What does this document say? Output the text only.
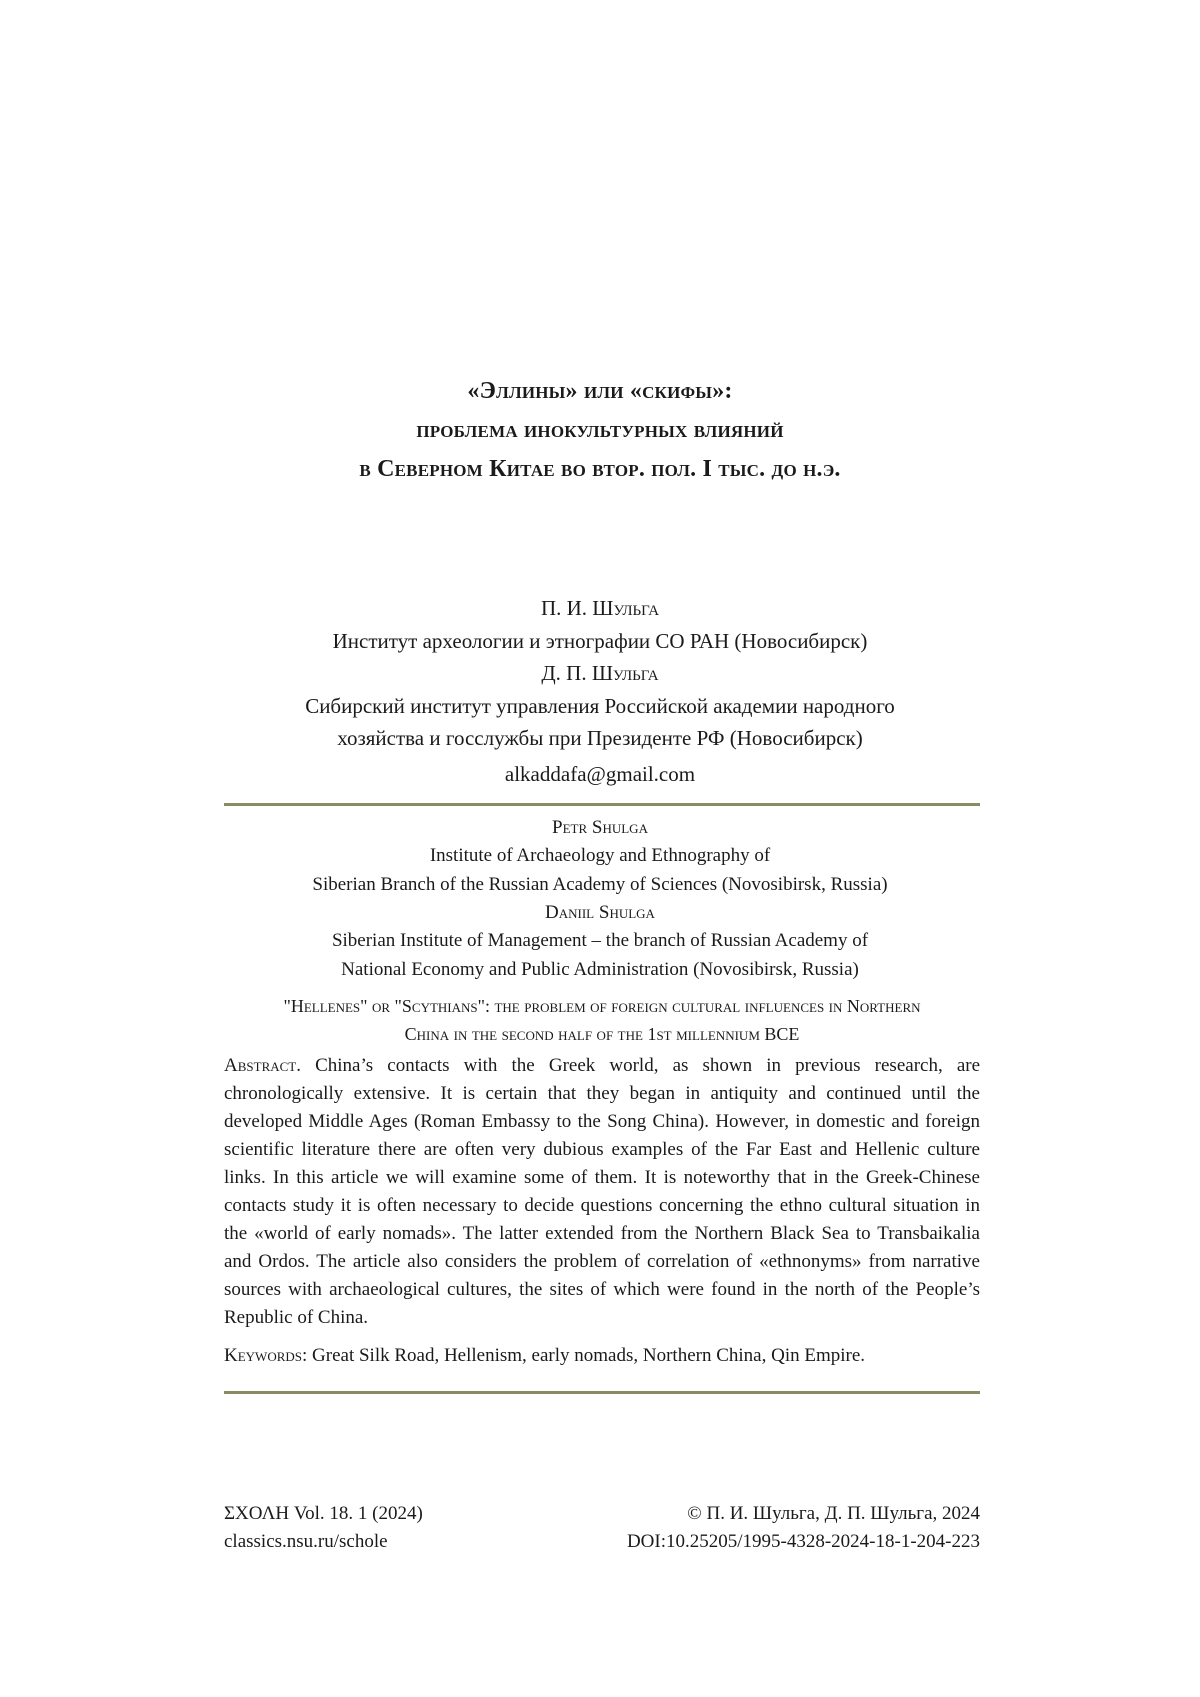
«Эллины» или «скифы»:
проблема инокультурных влияний
в Северном Китае во втор. пол. I тыс. до н.э.
П. И. Шульга
Институт археологии и этнографии СО РАН (Новосибирск)
Д. П. Шульга
Сибирский институт управления Российской академии народного
хозяйства и госслужбы при Президенте РФ (Новосибирск)
alkaddafa@gmail.com
Petr Shulga
Institute of Archaeology and Ethnography of
Siberian Branch of the Russian Academy of Sciences (Novosibirsk, Russia)
Daniil Shulga
Siberian Institute of Management – the branch of Russian Academy of
National Economy and Public Administration (Novosibirsk, Russia)
"Hellenes" or "Scythians": the problem of foreign cultural influences in Northern
China in the second half of the 1st millennium BCE
Abstract. China’s contacts with the Greek world, as shown in previous research, are chronologically extensive. It is certain that they began in antiquity and continued until the developed Middle Ages (Roman Embassy to the Song China). However, in domestic and foreign scientific literature there are often very dubious examples of the Far East and Hellenic culture links. In this article we will examine some of them. It is noteworthy that in the Greek-Chinese contacts study it is often necessary to decide questions concerning the ethno cultural situation in the «world of early nomads». The latter extended from the Northern Black Sea to Transbaikalia and Ordos. The article also considers the problem of correlation of «ethnonyms» from narrative sources with archaeological cultures, the sites of which were found in the north of the People’s Republic of China.
Keywords: Great Silk Road, Hellenism, early nomads, Northern China, Qin Empire.
ΣΧΟΛΗ Vol. 18. 1 (2024)
classics.nsu.ru/schole
© П. И. Шульга, Д. П. Шульга, 2024
DOI:10.25205/1995-4328-2024-18-1-204-223
